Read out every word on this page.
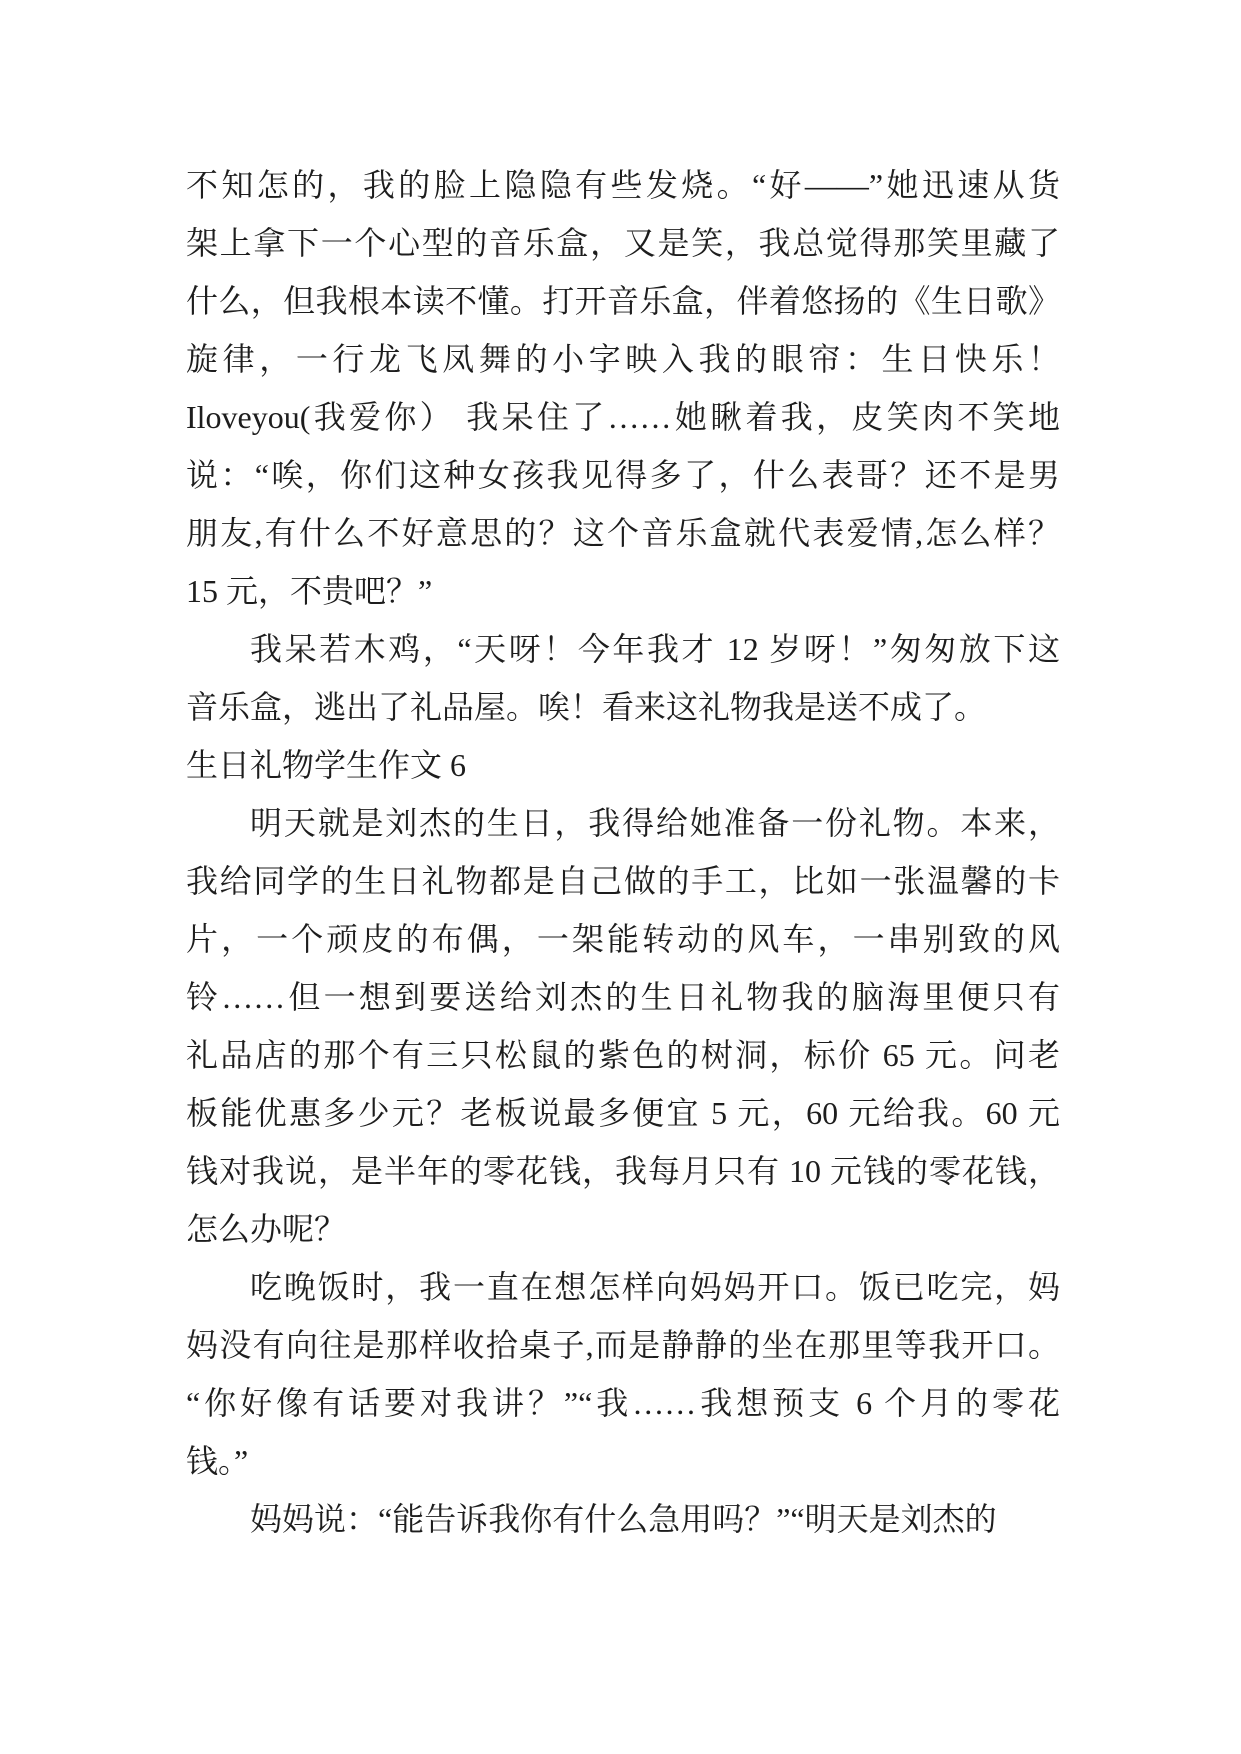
不知怎的，我的脸上隐隐有些发烧。“好——”她迅速从货
架上拿下一个心型的音乐盒，又是笑，我总觉得那笑里藏了
什么，但我根本读不懂。打开音乐盒，伴着悠扬的《生日歌》
旋律，一行龙飞凤舞的小字映入我的眼帘：生日快乐！
Iloveyou(我爱你） 我呆住了……她瞅着我，皮笑肉不笑地
说：“唉，你们这种女孩我见得多了，什么表哥？还不是男
朋友,有什么不好意思的？这个音乐盒就代表爱情,怎么样？
15 元，不贵吧？”
我呆若木鸡，“天呀！今年我才 12 岁呀！”匆匆放下这
音乐盒，逃出了礼品屋。唉！看来这礼物我是送不成了。
生日礼物学生作文 6
明天就是刘杰的生日，我得给她准备一份礼物。本来，
我给同学的生日礼物都是自己做的手工，比如一张温馨的卡
片，一个顽皮的布偶，一架能转动的风车，一串别致的风
铃……但一想到要送给刘杰的生日礼物我的脑海里便只有
礼品店的那个有三只松鼠的紫色的树洞，标价 65 元。问老
板能优惠多少元？老板说最多便宜 5 元，60 元给我。60 元
钱对我说，是半年的零花钱，我每月只有 10 元钱的零花钱，
怎么办呢？
吃晚饭时，我一直在想怎样向妈妈开口。饭已吃完，妈
妈没有向往是那样收拾桌子,而是静静的坐在那里等我开口。
“你好像有话要对我讲？”“我……我想预支 6 个月的零花
钱。”
妈妈说：“能告诉我你有什么急用吗？”“明天是刘杰的
